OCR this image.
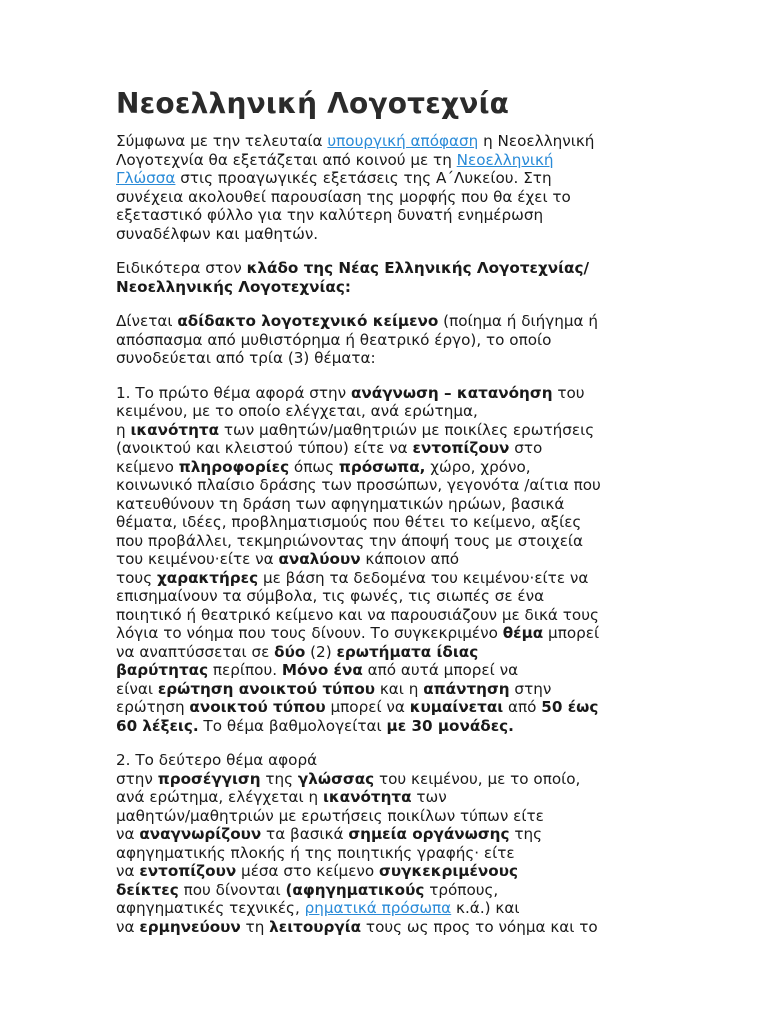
Νεοελληνική Λογοτεχνία

Σύμφωνα με την τελευταία υπουργική απόφαση η Νεοελληνική
Λογοτεχνία θα εξετάζεται από κοινού με τη Νεοελληνική
Γλώσσα στις προαγωγικές εξετάσεις της Α΄Λυκείου. Στη
συνέχεια ακολουθεί παρουσίαση της μορφής που θα έχει το
εξεταστικό φύλλο για την καλύτερη δυνατή ενημέρωση
συναδέλφων και μαθητών.

Ειδικότερα στον κλάδο της Νέας Ελληνικής Λογοτεχνίας/
Νεοελληνικής Λογοτεχνίας:

Δίνεται αδίδακτο λογοτεχνικό κείμενο (ποίημα ή διήγημα ή
απόσπασμα από μυθιστόρημα ή θεατρικό έργο), το οποίο
συνοδεύεται από τρία (3) θέματα:

1. Το πρώτο θέμα αφορά στην ανάγνωση – κατανόηση του
κειμένου, με το οποίο ελέγχεται, ανά ερώτημα,
η ικανότητα των μαθητών/μαθητριών με ποικίλες ερωτήσεις
(ανοικτού και κλειστού τύπου) είτε να εντοπίζουν στο
κείμενο πληροφορίες όπως πρόσωπα, χώρο, χρόνο,
κοινωνικό πλαίσιο δράσης των προσώπων, γεγονότα /αίτια που
κατευθύνουν τη δράση των αφηγηματικών ηρώων, βασικά
θέματα, ιδέες, προβληματισμούς που θέτει το κείμενο, αξίες
που προβάλλει, τεκμηριώνοντας την άποψή τους με στοιχεία
του κειμένου·είτε να αναλύουν κάποιον από
τους χαρακτήρες με βάση τα δεδομένα του κειμένου·είτε να
επισημαίνουν τα σύμβολα, τις φωνές, τις σιωπές σε ένα
ποιητικό ή θεατρικό κείμενο και να παρουσιάζουν με δικά τους
λόγια το νόημα που τους δίνουν. Το συγκεκριμένο θέμα μπορεί
να αναπτύσσεται σε δύο (2) ερωτήματα ίδιας
βαρύτητας περίπου. Μόνο ένα από αυτά μπορεί να
είναι ερώτηση ανοικτού τύπου και η απάντηση στην
ερώτηση ανοικτού τύπου μπορεί να κυμαίνεται από 50 έως
60 λέξεις. Το θέμα βαθμολογείται με 30 μονάδες.

2. Το δεύτερο θέμα αφορά
στην προσέγγιση της γλώσσας του κειμένου, με το οποίο,
ανά ερώτημα, ελέγχεται η ικανότητα των
μαθητών/μαθητριών με ερωτήσεις ποικίλων τύπων είτε
να αναγνωρίζουν τα βασικά σημεία οργάνωσης της
αφηγηματικής πλοκής ή της ποιητικής γραφής· είτε
να εντοπίζουν μέσα στο κείμενο συγκεκριμένους
δείκτες που δίνονται (αφηγηματικούς τρόπους,
αφηγηματικές τεχνικές, ρηματικά πρόσωπα κ.ά.) και
να ερμηνεύουν τη λειτουργία τους ως προς το νόημα και το
